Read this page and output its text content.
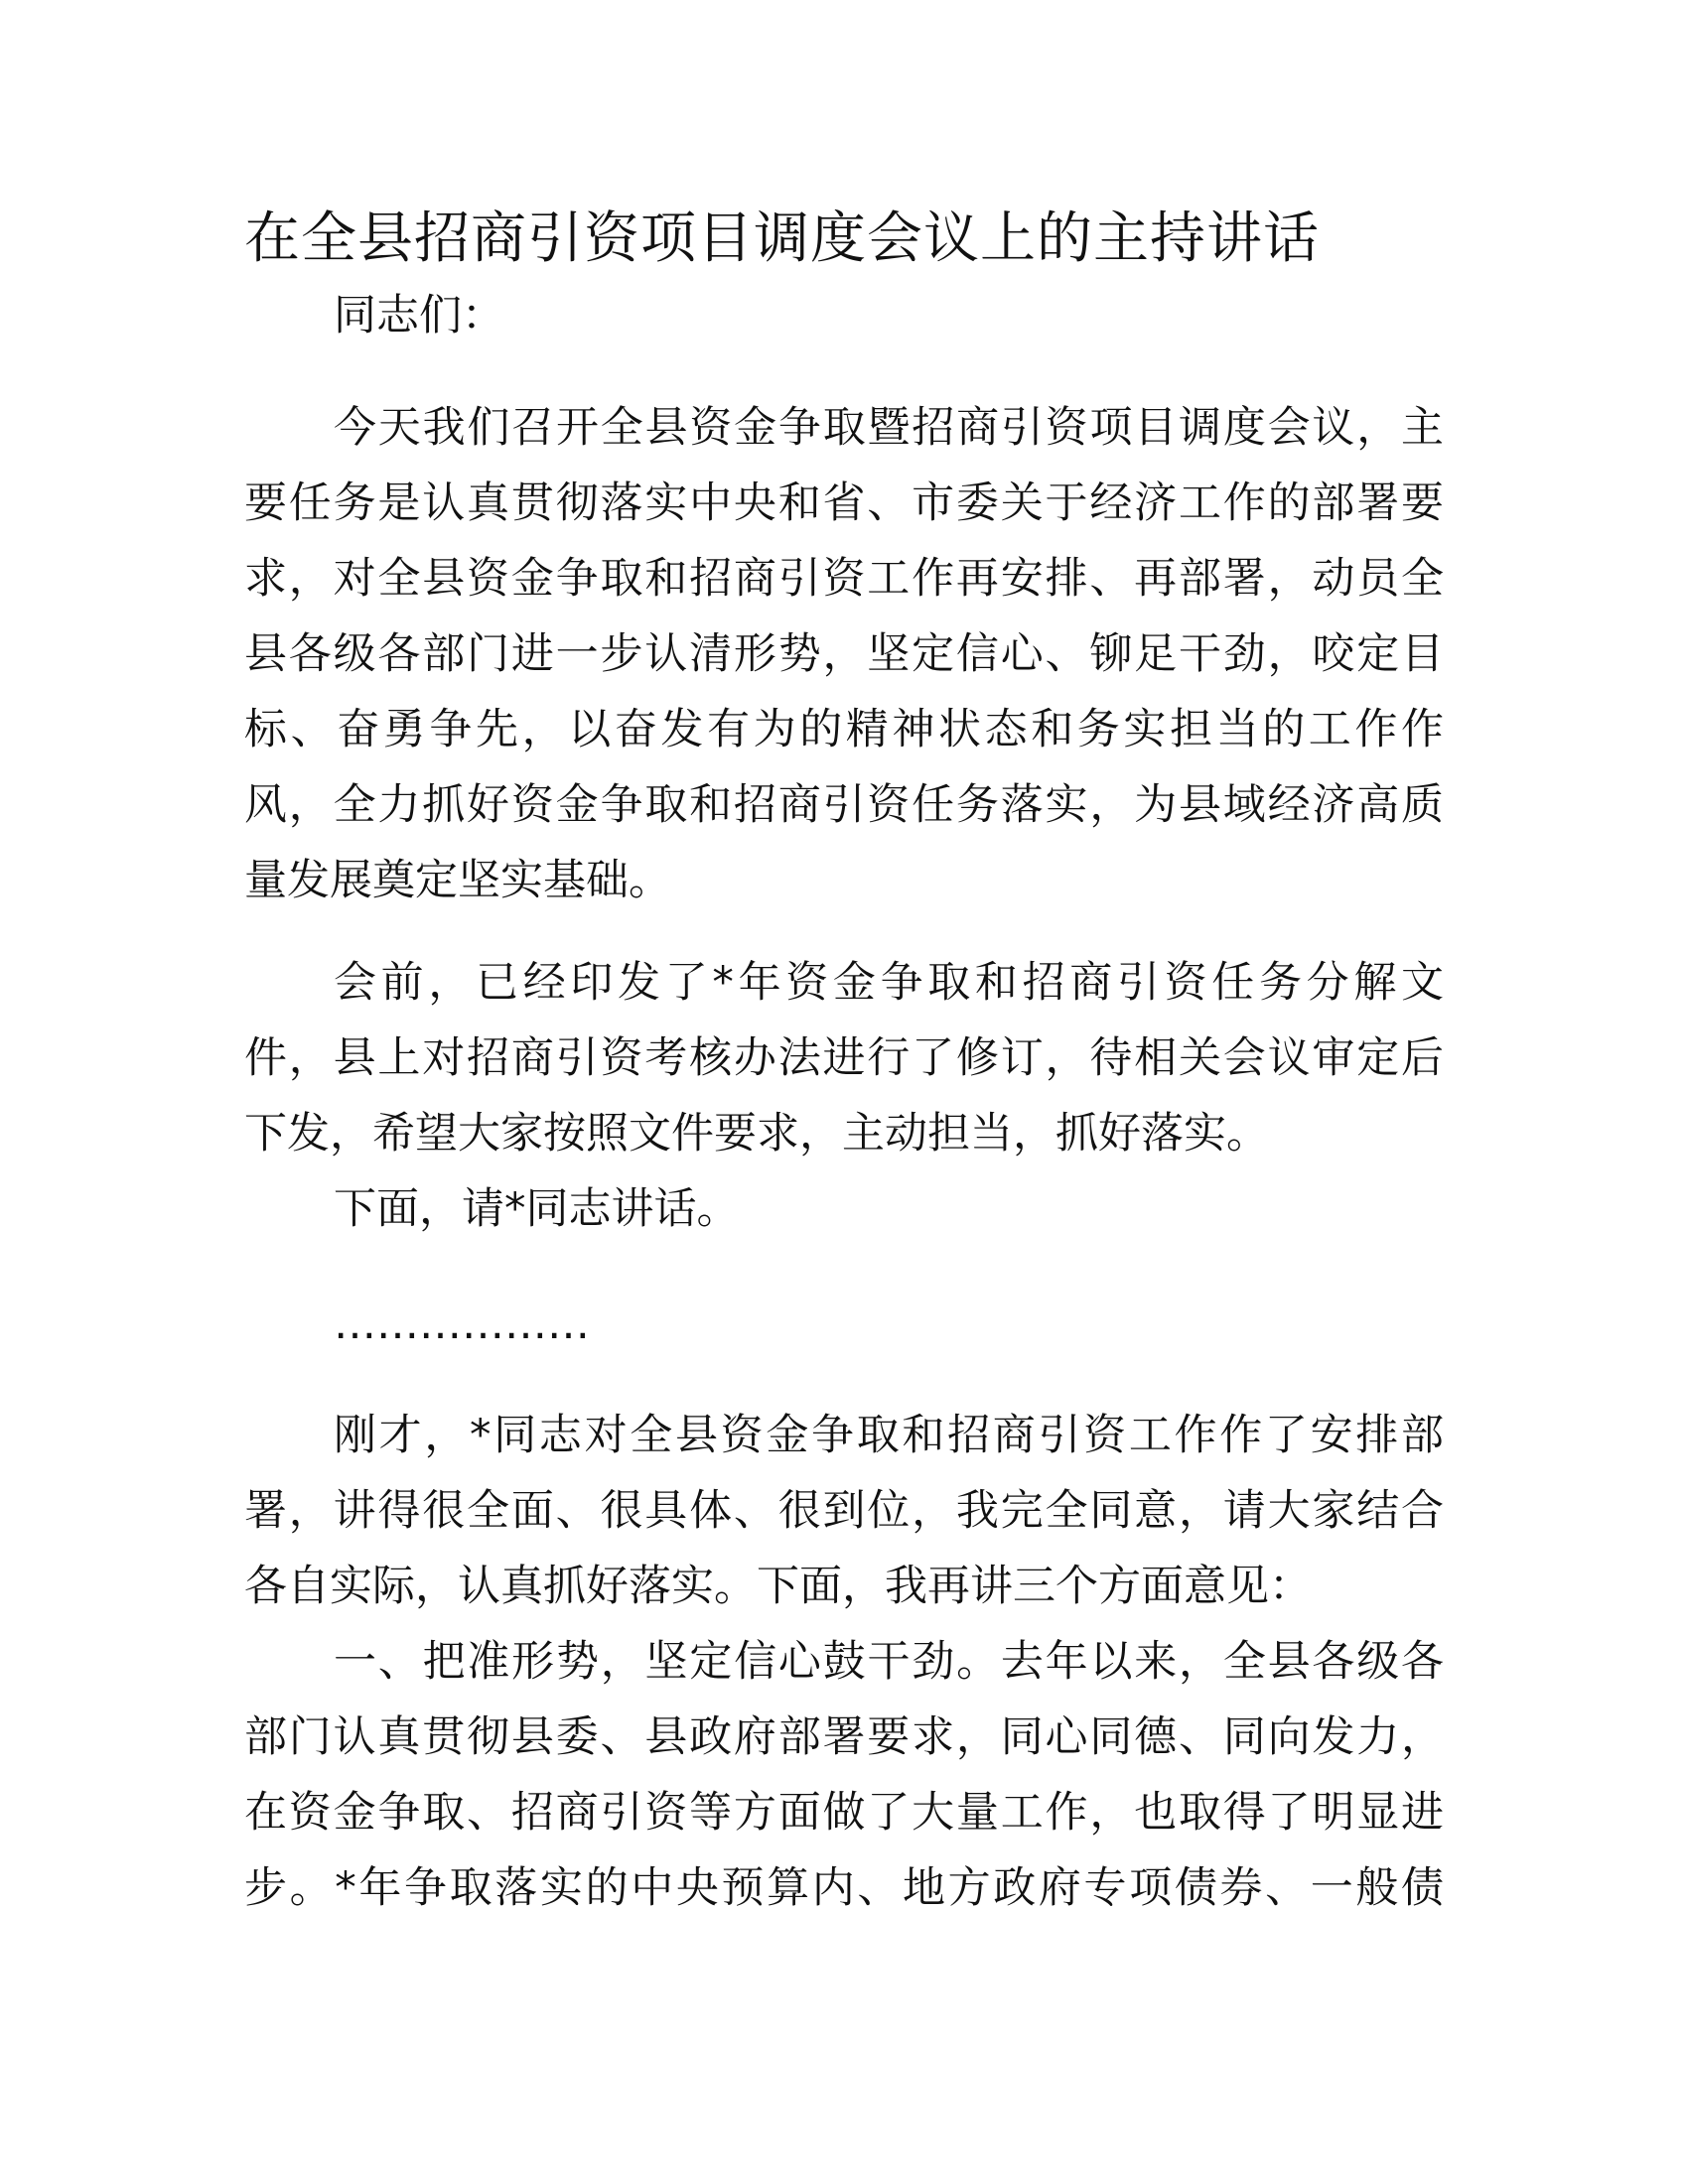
在全县招商引资项目调度会议上的主持讲话
同志们：
今天我们召开全县资金争取暨招商引资项目调度会议，主
要任务是认真贯彻落实中央和省、市委关于经济工作的部署要
求，对全县资金争取和招商引资工作再安排、再部署，动员全
县各级各部门进一步认清形势，坚定信心、铆足干劲，咬定目
标、奋勇争先，以奋发有为的精神状态和务实担当的工作作
风，全力抓好资金争取和招商引资任务落实，为县域经济高质
量发展奠定坚实基础。
会前，已经印发了*年资金争取和招商引资任务分解文
件，县上对招商引资考核办法进行了修订，待相关会议审定后
下发，希望大家按照文件要求，主动担当，抓好落实。
下面，请*同志讲话。
………………
刚才，*同志对全县资金争取和招商引资工作作了安排部
署，讲得很全面、很具体、很到位，我完全同意，请大家结合
各自实际，认真抓好落实。下面，我再讲三个方面意见：
一、把准形势，坚定信心鼓干劲。去年以来，全县各级各
部门认真贯彻县委、县政府部署要求，同心同德、同向发力，
在资金争取、招商引资等方面做了大量工作，也取得了明显进
步。*年争取落实的中央预算内、地方政府专项债券、一般债
